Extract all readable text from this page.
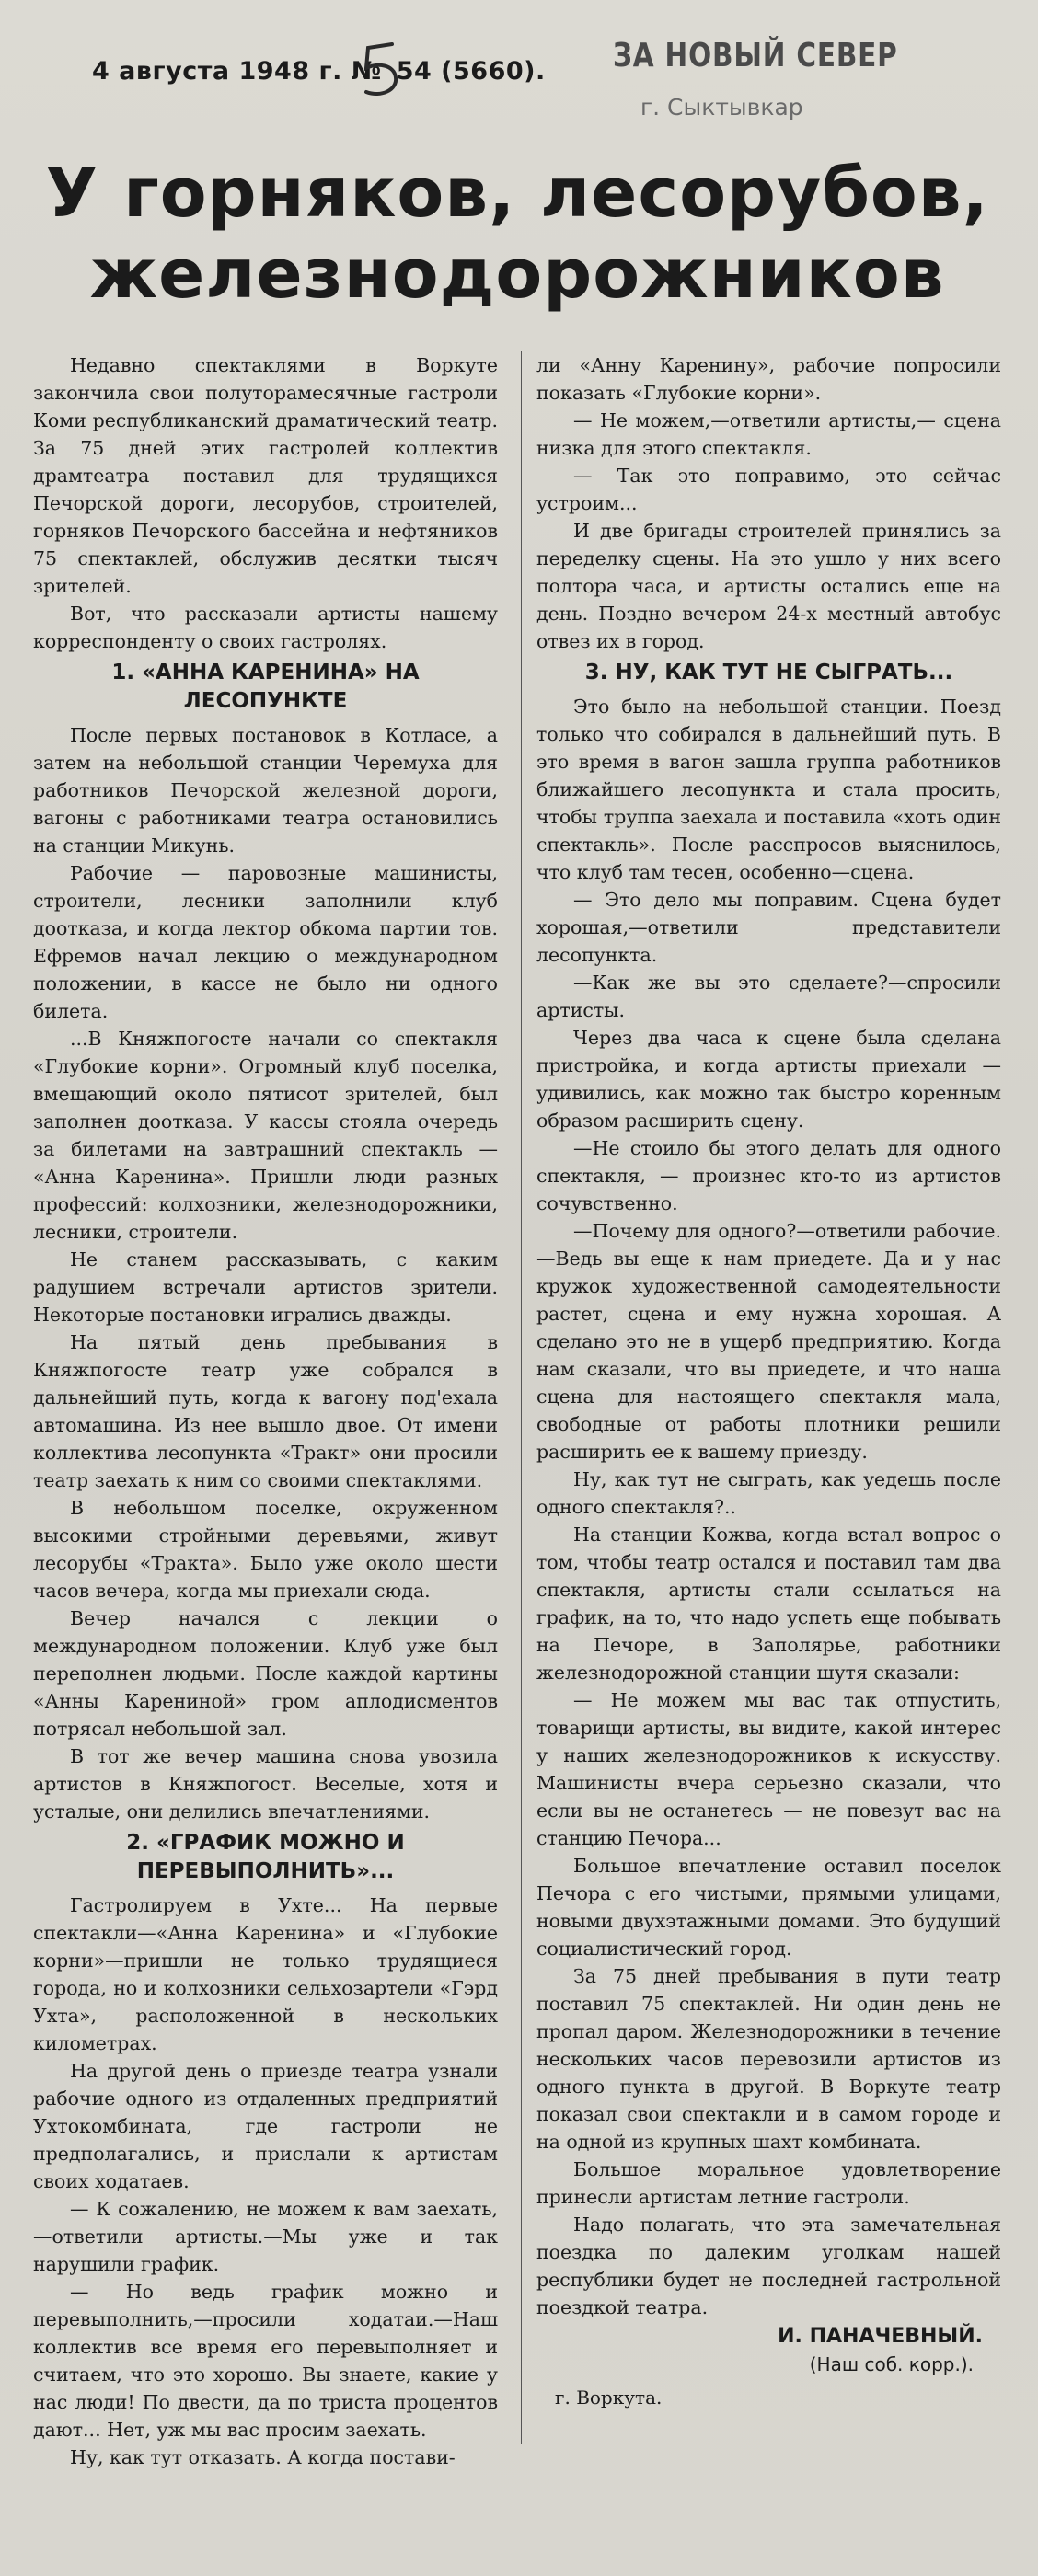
4 августа 1948 г. № 54 (5660). ЗА НОВЫЙ СЕВЕР
г. Сыктывкар
У горняков, лесорубов,
железнодорожников

Недавно спектаклями в Воркуте закончила свои полуторамесячные гастроли Коми республиканский драматический театр. За 75 дней этих гастролей коллектив драмтеатра поставил для трудящихся Печорской дороги, лесорубов, строителей, горняков Печорского бассейна и нефтяников 75 спектаклей, обслужив десятки тысяч зрителей.

Вот, что рассказали артисты нашему корреспонденту о своих гастролях.

1. «АННА КАРЕНИНА» НА ЛЕСОПУНКТЕ

После первых постановок в Котласе, а затем на небольшой станции Черемуха для работников Печорской железной дороги, вагоны с работниками театра остановились на станции Микунь.

Рабочие — паровозные машинисты, строители, лесники заполнили клуб доотказа, и когда лектор обкома партии тов. Ефремов начал лекцию о международном положении, в кассе не было ни одного билета.

...В Княжпогосте начали со спектакля «Глубокие корни». Огромный клуб поселка, вмещающий около пятисот зрителей, был заполнен доотказа. У кассы стояла очередь за билетами на завтрашний спектакль — «Анна Каренина». Пришли люди разных профессий: колхозники, железнодорожники, лесники, строители.

Не станем рассказывать, с каким радушием встречали артистов зрители. Некоторые постановки игрались дважды.

На пятый день пребывания в Княжпогосте театр уже собрался в дальнейший путь, когда к вагону под'ехала автомашина. Из нее вышло двое. От имени коллектива лесопункта «Тракт» они просили театр заехать к ним со своими спектаклями.

В небольшом поселке, окруженном высокими стройными деревьями, живут лесорубы «Тракта». Было уже около шести часов вечера, когда мы приехали сюда.

Вечер начался с лекции о международном положении. Клуб уже был переполнен людьми. После каждой картины «Анны Карениной» гром аплодисментов потрясал небольшой зал.

В тот же вечер машина снова увозила артистов в Княжпогост. Веселые, хотя и усталые, они делились впечатлениями.

2. «ГРАФИК МОЖНО И ПЕРЕВЫПОЛНИТЬ»...

Гастролируем в Ухте... На первые спектакли—«Анна Каренина» и «Глубокие корни»—пришли не только трудящиеся города, но и колхозники сельхозартели «Гэрд Ухта», расположенной в нескольких километрах.

На другой день о приезде театра узнали рабочие одного из отдаленных предприятий Ухтокомбината, где гастроли не предполагались, и прислали к артистам своих ходатаев.

— К сожалению, не можем к вам заехать,—ответили артисты.—Мы уже и так нарушили график.

— Но ведь график можно и перевыполнить,—просили ходатаи.—Наш коллектив все время его перевыполняет и считаем, что это хорошо. Вы знаете, какие у нас люди! По двести, да по триста процентов дают... Нет, уж мы вас просим заехать.

Ну, как тут отказать. А когда постави-

ли «Анну Каренину», рабочие попросили показать «Глубокие корни».

— Не можем,—ответили артисты,— сцена низка для этого спектакля.

— Так это поправимо, это сейчас устроим...

И две бригады строителей принялись за переделку сцены. На это ушло у них всего полтора часа, и артисты остались еще на день. Поздно вечером 24-х местный автобус отвез их в город.

3. НУ, КАК ТУТ НЕ СЫГРАТЬ...

Это было на небольшой станции. Поезд только что собирался в дальнейший путь. В это время в вагон зашла группа работников ближайшего лесопункта и стала просить, чтобы труппа заехала и поставила «хоть один спектакль». После расспросов выяснилось, что клуб там тесен, особенно—сцена.

— Это дело мы поправим. Сцена будет хорошая,—ответили представители лесопункта.

—Как же вы это сделаете?—спросили артисты.

Через два часа к сцене была сделана пристройка, и когда артисты приехали —удивились, как можно так быстро коренным образом расширить сцену.

—Не стоило бы этого делать для одного спектакля, — произнес кто-то из артистов сочувственно.

—Почему для одного?—ответили рабочие.—Ведь вы еще к нам приедете. Да и у нас кружок художественной самодеятельности растет, сцена и ему нужна хорошая. А сделано это не в ущерб предприятию. Когда нам сказали, что вы приедете, и что наша сцена для настоящего спектакля мала, свободные от работы плотники решили расширить ее к вашему приезду.

Ну, как тут не сыграть, как уедешь после одного спектакля?..

На станции Кожва, когда встал вопрос о том, чтобы театр остался и поставил там два спектакля, артисты стали ссылаться на график, на то, что надо успеть еще побывать на Печоре, в Заполярье, работники железнодорожной станции шутя сказали:

— Не можем мы вас так отпустить, товарищи артисты, вы видите, какой интерес у наших железнодорожников к искусству. Машинисты вчера серьезно сказали, что если вы не останетесь — не повезут вас на станцию Печора...

Большое впечатление оставил поселок Печора с его чистыми, прямыми улицами, новыми двухэтажными домами. Это будущий социалистический город.

За 75 дней пребывания в пути театр поставил 75 спектаклей. Ни один день не пропал даром. Железнодорожники в течение нескольких часов перевозили артистов из одного пункта в другой. В Воркуте театр показал свои спектакли и в самом городе и на одной из крупных шахт комбината.

Большое моральное удовлетворение принесли артистам летние гастроли.

Надо полагать, что эта замечательная поездка по далеким уголкам нашей республики будет не последней гастрольной поездкой театра.

И. ПАНАЧЕВНЫЙ.
(Наш соб. корр.).
г. Воркута.
